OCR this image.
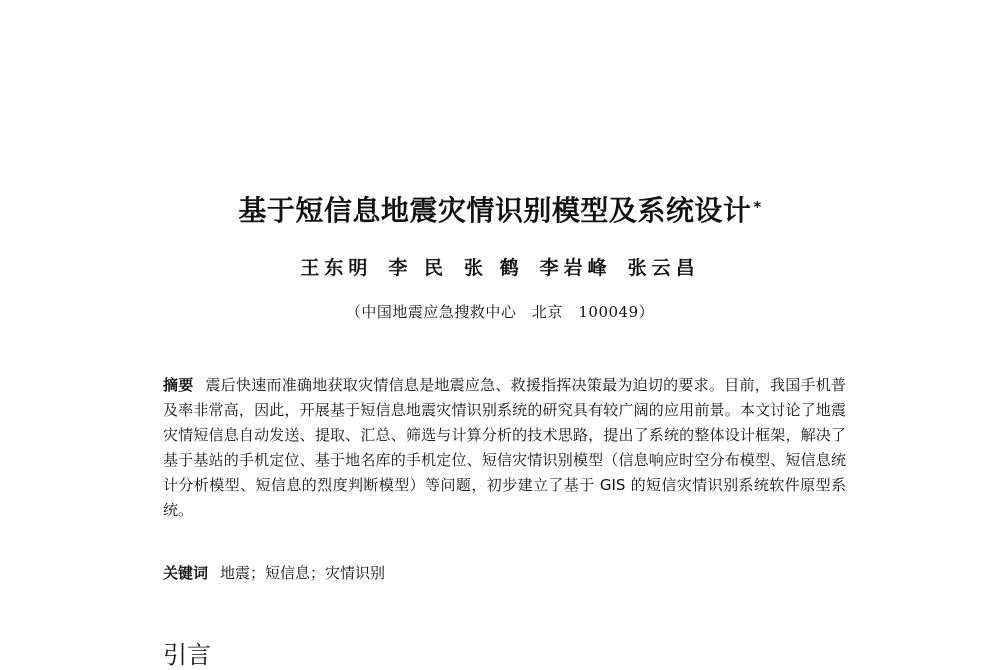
基于短信息地震灾情识别模型及系统设计 *
王东明 李 民 张 鹤 李岩峰 张云昌
（中国地震应急搜救中心　北京　100049）

摘要 震后快速而准确地获取灾情信息是地震应急、救援指挥决策最为迫切的要求。目前，我国手机普及率非常高，因此，开展基于短信息地震灾情识别系统的研究具有较广阔的应用前景。本文讨论了地震灾情短信息自动发送、提取、汇总、筛选与计算分析的技术思路，提出了系统的整体设计框架，解决了基于基站的手机定位、基于地名库的手机定位、短信灾情识别模型（信息响应时空分布模型、短信息统计分析模型、短信息的烈度判断模型）等问题，初步建立了基于 GIS 的短信灾情识别系统软件原型系统。

关键词 地震；短信息；灾情识别
引言
